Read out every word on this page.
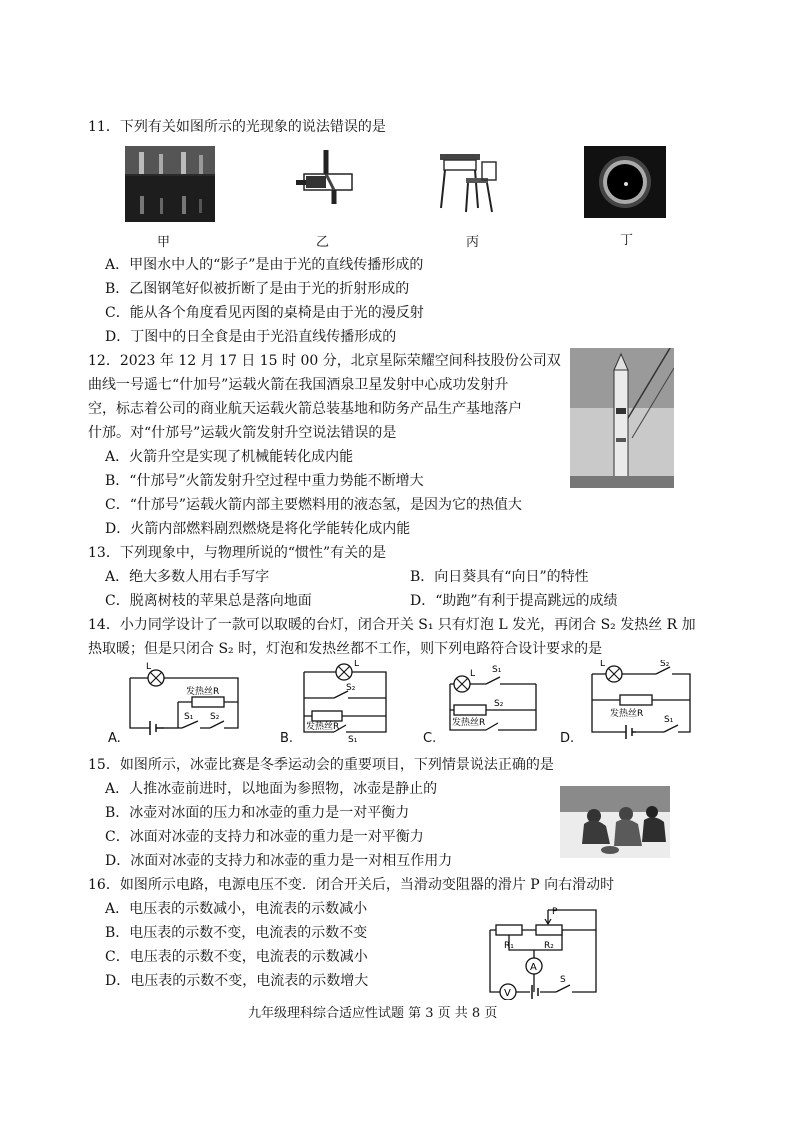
11．下列有关如图所示的光现象的说法错误的是
甲	乙	丙	丁
A．甲图水中人的“影子”是由于光的直线传播形成的
B．乙图钢笔好似被折断了是由于光的折射形成的
C．能从各个角度看见丙图的桌椅是由于光的漫反射
D．丁图中的日全食是由于光沿直线传播形成的
12．2023 年 12 月 17 日 15 时 00 分，北京星际荣耀空间科技股份公司双
曲线一号遥七“什加号”运载火箭在我国酒泉卫星发射中心成功发射升
空，标志着公司的商业航天运载火箭总装基地和防务产品生产基地落户
什邡。对“什邡号”运载火箭发射升空说法错误的是
A．火箭升空是实现了机械能转化成内能
B．“什邡号”火箭发射升空过程中重力势能不断增大
C．“什邡号”运载火箭内部主要燃料用的液态氢，是因为它的热值大
D．火箭内部燃料剧烈燃烧是将化学能转化成内能
13．下列现象中，与物理所说的“惯性”有关的是
A．绝大多数人用右手写字	B．向日葵具有“向日”的特性
C．脱离树枝的苹果总是落向地面	D．“助跑”有利于提高跳远的成绩
14．小力同学设计了一款可以取暖的台灯，闭合开关 S₁ 只有灯泡 L 发光，再闭合 S₂ 发热丝 R 加
热取暖；但是只闭合 S₂ 时，灯泡和发热丝都不工作，则下列电路符合设计要求的是
L
发热丝R
S₁ S₂
A.
L
S₂
发热丝R
S₁
B.
L S₁
S₂
发热丝R
C.
L	S₂
发热丝R
S₁
D.
15．如图所示，冰壶比赛是冬季运动会的重要项目，下列情景说法正确的是
A．人推冰壶前进时，以地面为参照物，冰壶是静止的
B．冰壶对冰面的压力和冰壶的重力是一对平衡力
C．冰面对冰壶的支持力和冰壶的重力是一对平衡力
D．冰面对冰壶的支持力和冰壶的重力是一对相互作用力
16．如图所示电路，电源电压不变．闭合开关后，当滑动变阻器的滑片 P 向右滑动时
A．电压表的示数减小，电流表的示数减小
B．电压表的示数不变，电流表的示数不变
C．电压表的示数不变，电流表的示数减小
D．电压表的示数不变，电流表的示数增大
A
V
P
R₁	R₂
S
九年级理科综合适应性试题 第 3 页 共 8 页
